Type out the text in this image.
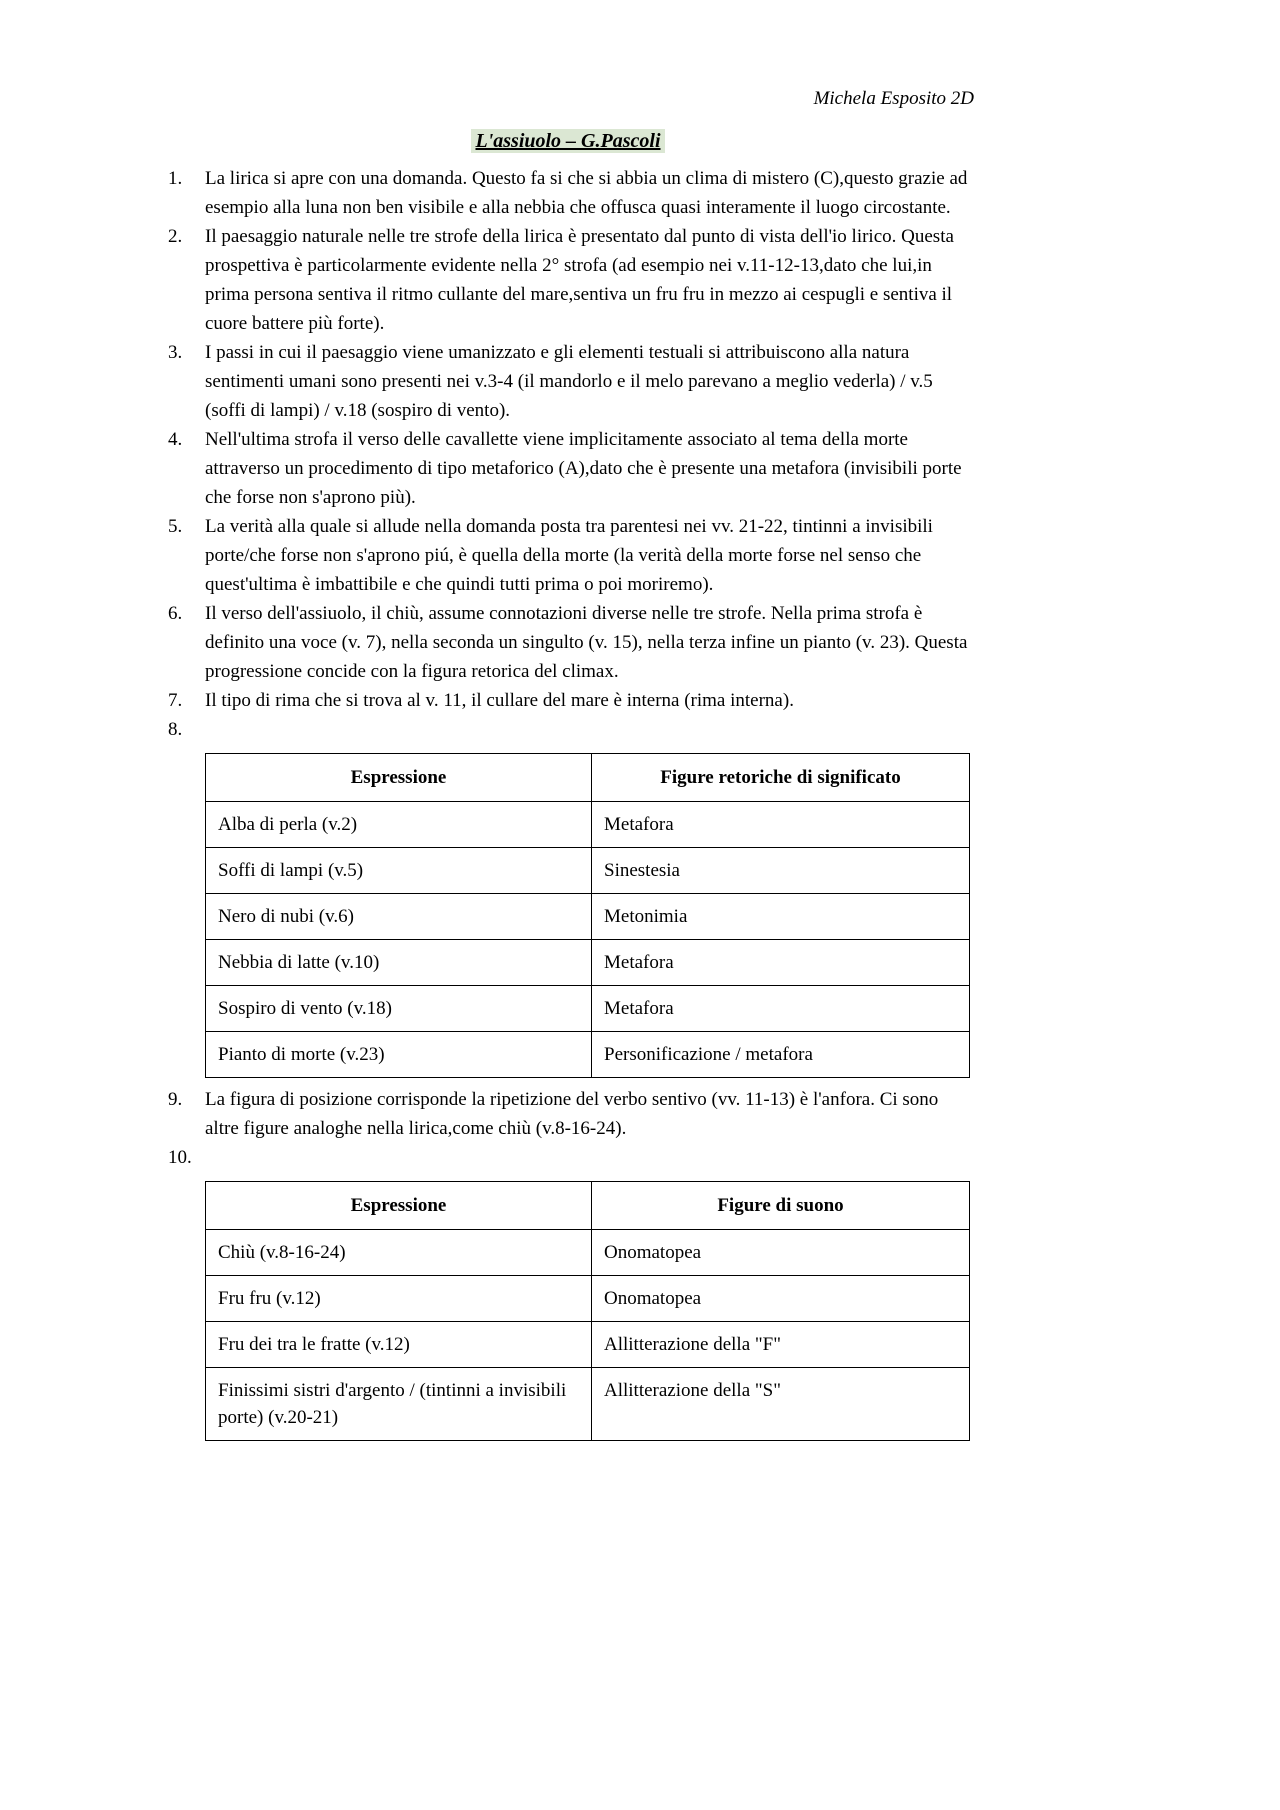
Michela Esposito 2D
L'assiuolo – G.Pascoli
1.	La lirica si apre con una domanda. Questo fa si che si abbia un clima di mistero (C),questo grazie ad esempio alla luna non ben visibile e alla nebbia che offusca quasi interamente il luogo circostante.
2.	Il paesaggio naturale nelle tre strofe della lirica è presentato dal punto di vista dell'io lirico. Questa prospettiva è particolarmente evidente nella 2° strofa (ad esempio nei v.11-12-13,dato che lui,in prima persona sentiva il ritmo cullante del mare,sentiva un fru fru in mezzo ai cespugli e sentiva il cuore battere più forte).
3.	I passi in cui il paesaggio viene umanizzato e gli elementi testuali si attribuiscono alla natura sentimenti umani sono presenti nei v.3-4 (il mandorlo e il melo parevano a meglio vederla) / v.5 (soffi di lampi) / v.18 (sospiro di vento).
4.	Nell'ultima strofa il verso delle cavallette viene implicitamente associato al tema della morte attraverso un procedimento di tipo metaforico (A),dato che è presente una metafora (invisibili porte che forse non s'aprono più).
5.	La verità alla quale si allude nella domanda posta tra parentesi nei vv. 21-22, tintinni a invisibili porte/che forse non s'aprono piú, è quella della morte (la verità della morte forse nel senso che quest'ultima è imbattibile e che quindi tutti prima o poi moriremo).
6.	Il verso dell'assiuolo, il chiù, assume connotazioni diverse nelle tre strofe. Nella prima strofa è definito una voce (v. 7), nella seconda un singulto (v. 15), nella terza infine un pianto (v. 23). Questa progressione concide con la figura retorica del climax.
7.	Il tipo di rima che si trova al v. 11, il cullare del mare è interna (rima interna).
8.
Espressione	Figure retoriche di significato
Alba di perla (v.2)	Metafora
Soffi di lampi (v.5)	Sinestesia
Nero di nubi (v.6)	Metonimia
Nebbia di latte (v.10)	Metafora
Sospiro di vento (v.18)	Metafora
Pianto di morte (v.23)	Personificazione / metafora
9.	La figura di posizione corrisponde la ripetizione del verbo sentivo (vv. 11-13) è l'anfora. Ci sono altre figure analoghe nella lirica,come chiù (v.8-16-24).
10.
Espressione	Figure di suono
Chiù (v.8-16-24)	Onomatopea
Fru fru (v.12)	Onomatopea
Fru dei tra le fratte (v.12)	Allitterazione della "F"
Finissimi sistri d'argento / (tintinni a invisibili porte) (v.20-21)	Allitterazione della "S"
